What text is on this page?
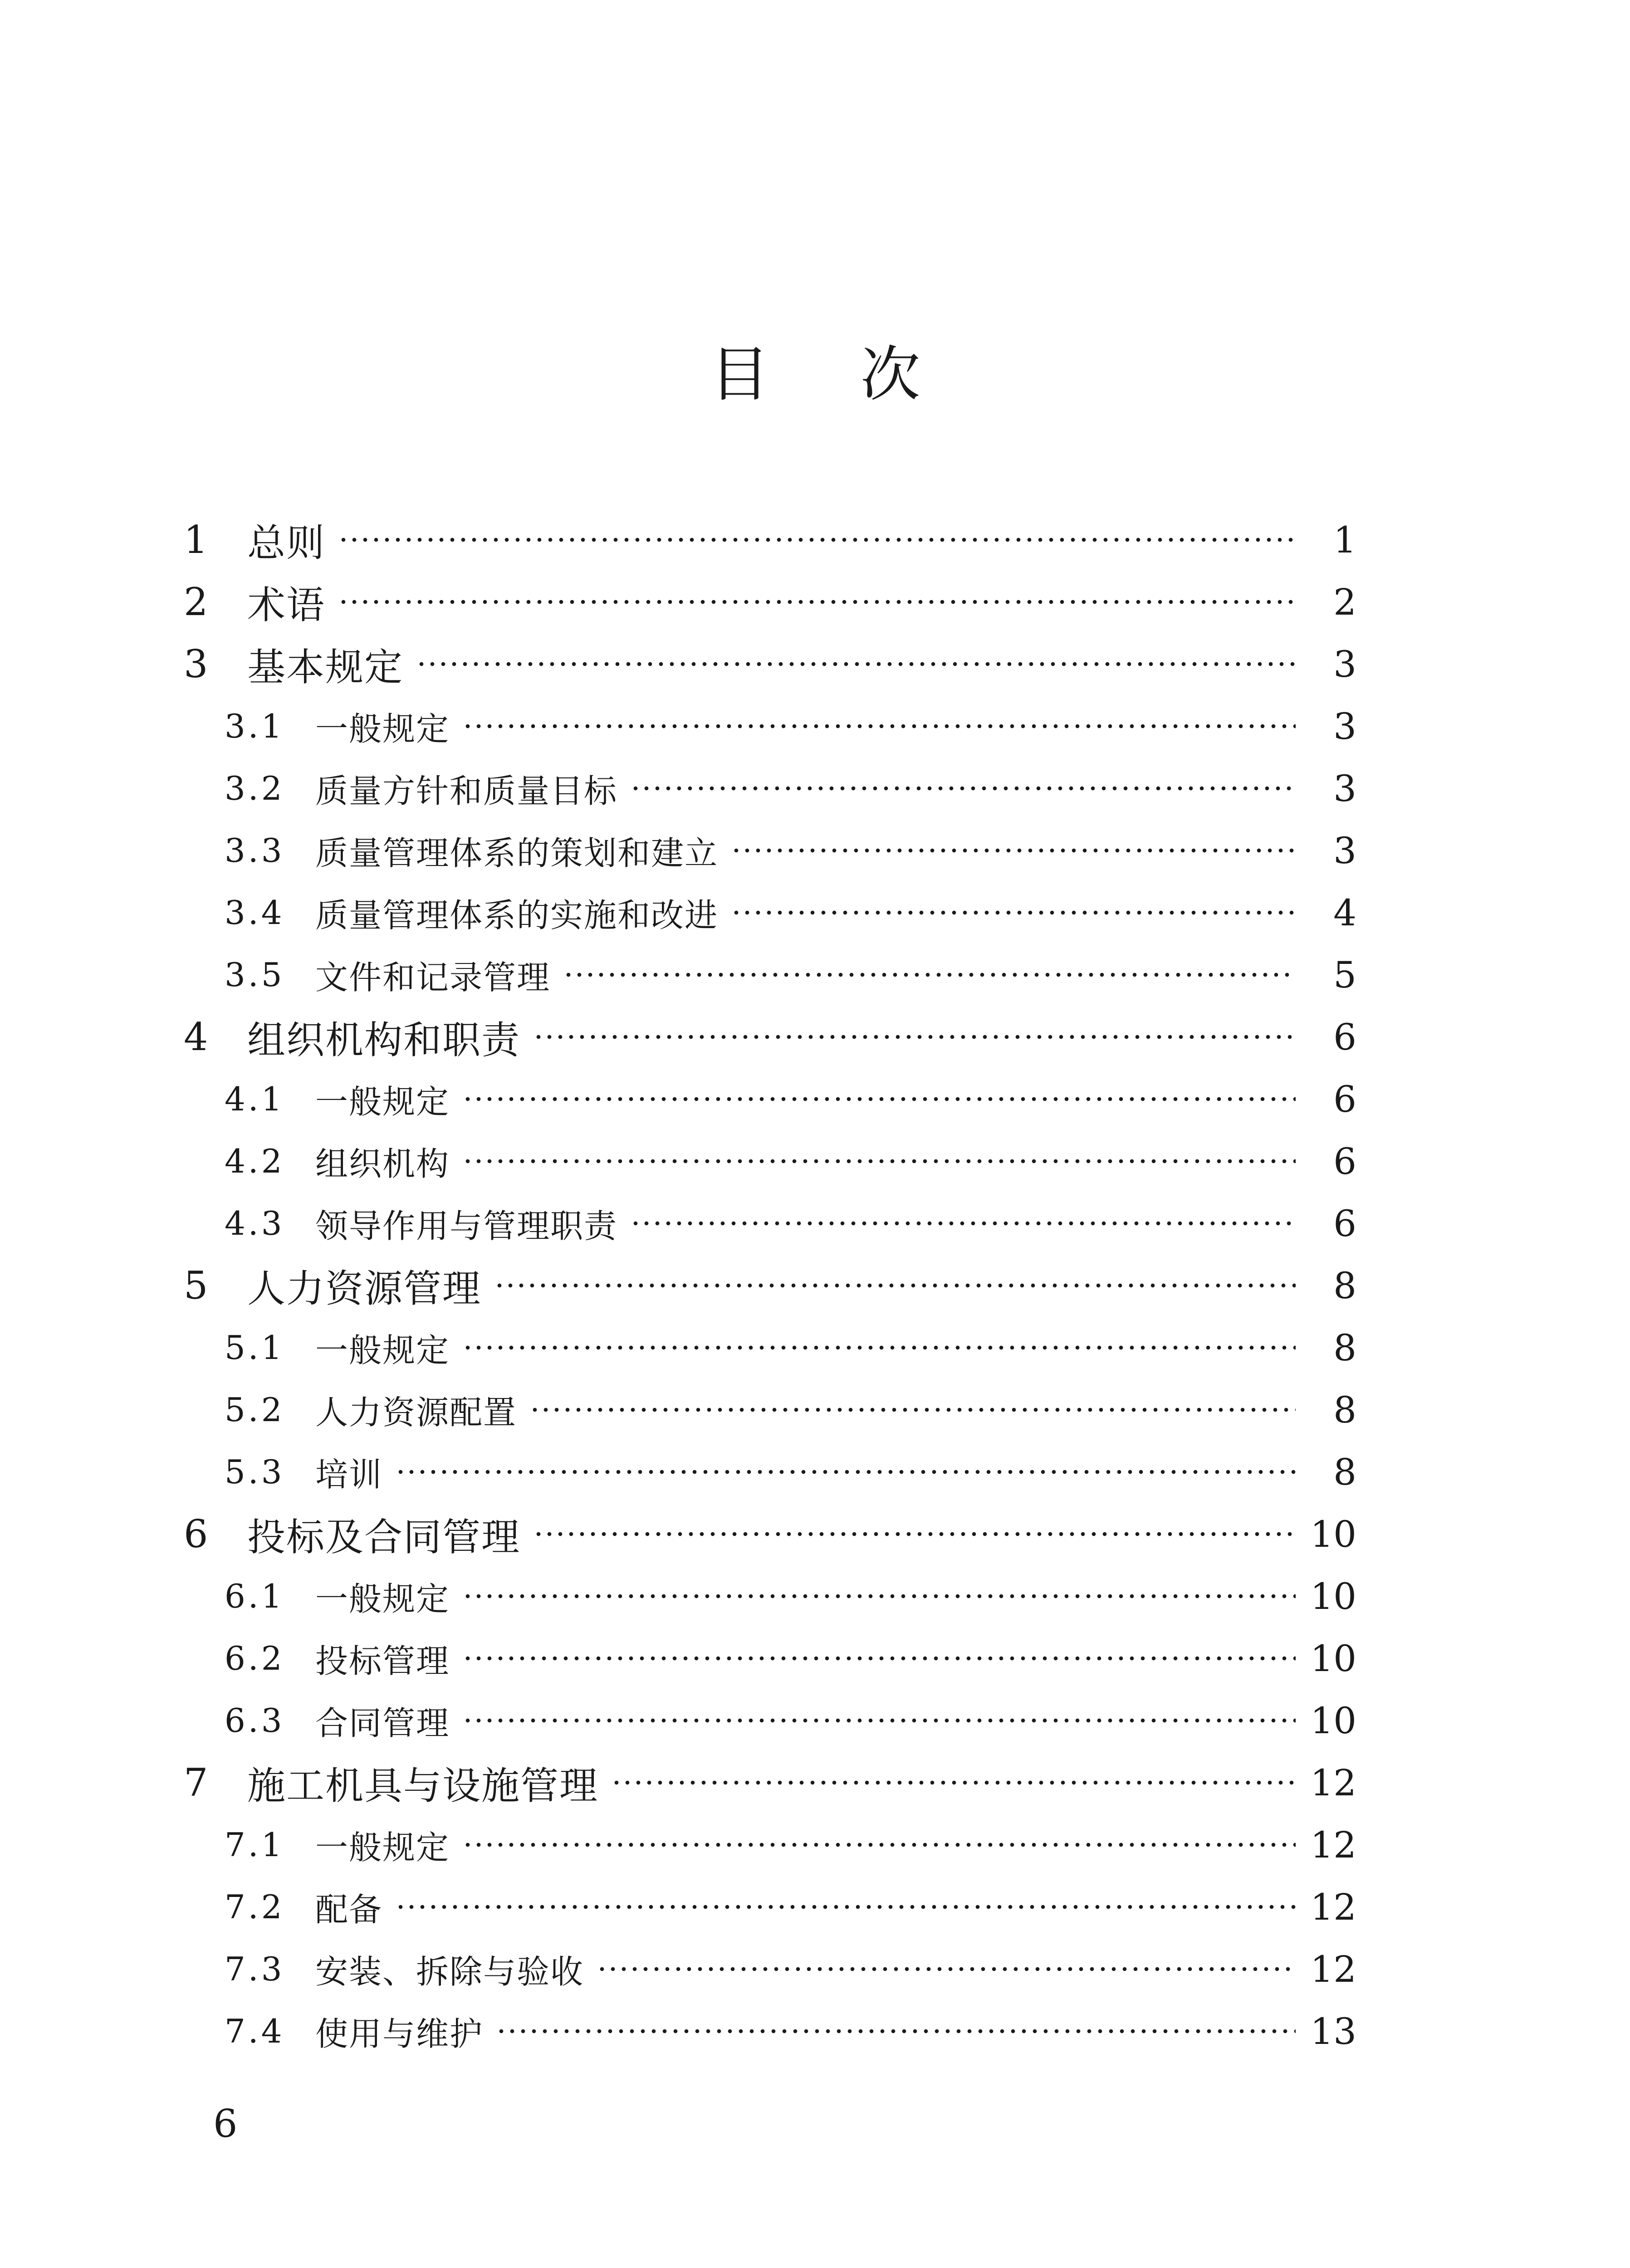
目 次
1	总则	1
2	术语	2
3	基本规定	3
3.1 一般规定	3
3.2 质量方针和质量目标	3
3.3 质量管理体系的策划和建立	3
3.4 质量管理体系的实施和改进	4
3.5 文件和记录管理	5
4	组织机构和职责	6
4.1 一般规定	6
4.2 组织机构	6
4.3 领导作用与管理职责	6
5	人力资源管理	8
5.1 一般规定	8
5.2 人力资源配置	8
5.3 培训	8
6	投标及合同管理	10
6.1 一般规定	10
6.2 投标管理	10
6.3 合同管理	10
7	施工机具与设施管理	12
7.1 一般规定	12
7.2 配备	12
7.3 安装、拆除与验收	12
7.4 使用与维护	13
6
